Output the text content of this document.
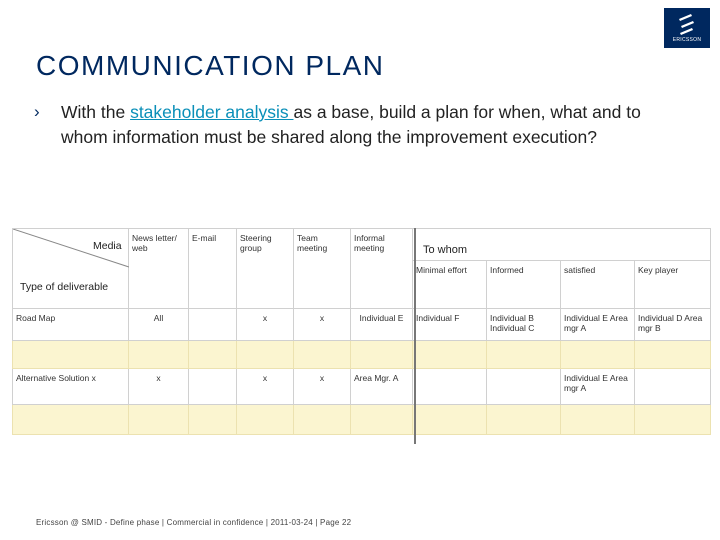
ERICSSON
COMMUNICATION PLAN
› With the stakeholder analysis as a base, build a plan for when, what and to whom information must be shared along the improvement execution?

Media
Type of deliverable	News letter/ web	E-mail	Steering group	Team meeting	Informal meeting	To whom			
						Minimal effort	Informed	satisfied	Key player
Road Map	All		x	x	Individual E	Individual F	Individual B Individual C	Individual E Area mgr A	Individual D Area mgr B

Alternative Solution x	x		x	x	Area Mgr. A			Individual E Area mgr A	

Ericsson @ SMID - Define phase | Commercial in confidence | 2011-03-24 | Page 22
